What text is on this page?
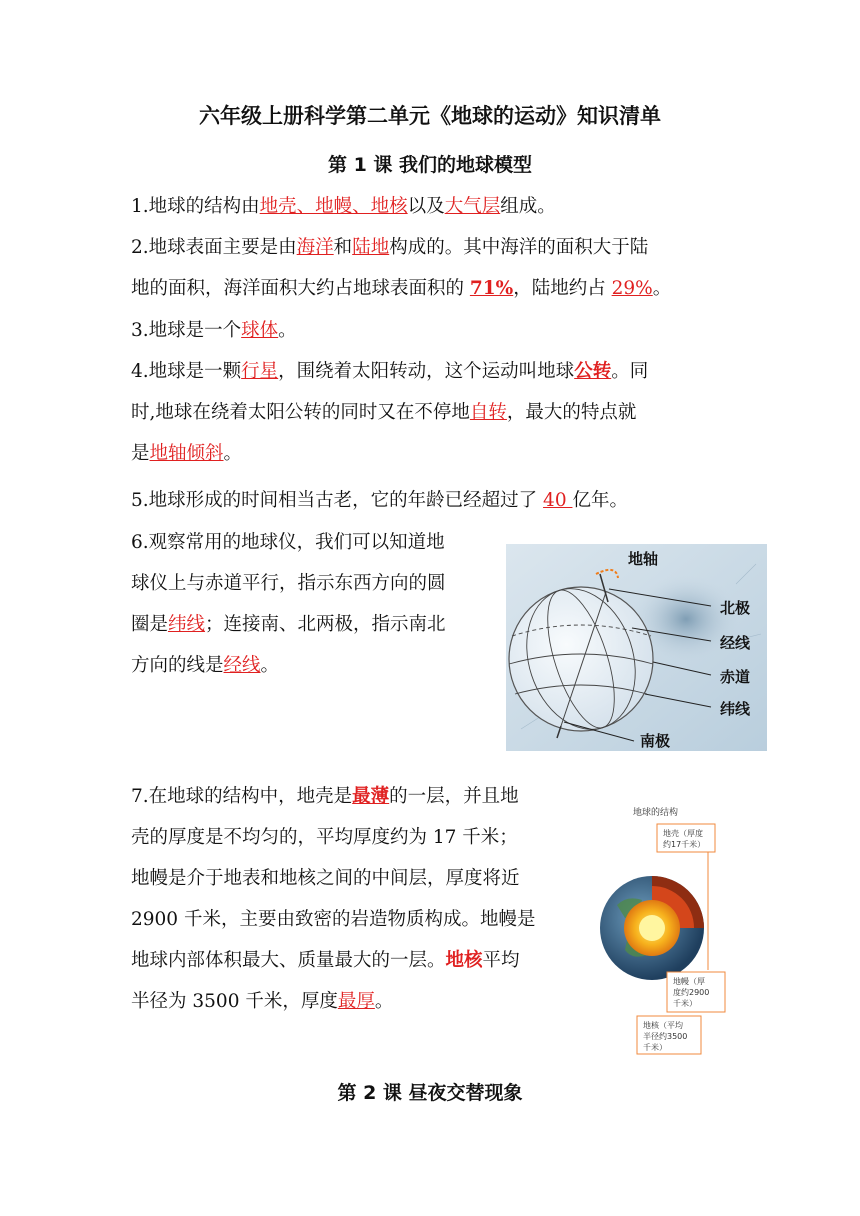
六年级上册科学第二单元《地球的运动》知识清单
第 1 课 我们的地球模型
1.地球的结构由地壳、地幔、地核以及大气层组成。
2.地球表面主要是由海洋和陆地构成的。其中海洋的面积大于陆
地的面积，海洋面积大约占地球表面积的 71%，陆地约占 29%。
3.地球是一个球体。
4.地球是一颗行星，围绕着太阳转动，这个运动叫地球公转。同
时,地球在绕着太阳公转的同时又在不停地自转，最大的特点就
是地轴倾斜。
5.地球形成的时间相当古老，它的年龄已经超过了 40 亿年。
6.观察常用的地球仪，我们可以知道地
球仪上与赤道平行，指示东西方向的圆
圈是纬线；连接南、北两极，指示南北
方向的线是经线。
地轴
北极
经线
赤道
纬线
南极
7.在地球的结构中，地壳是最薄的一层，并且地
壳的厚度是不均匀的，平均厚度约为 17 千米；
地幔是介于地表和地核之间的中间层，厚度将近
2900 千米，主要由致密的岩造物质构成。地幔是
地球内部体积最大、质量最大的一层。地核平均
半径为 3500 千米，厚度最厚。
地球的结构
地壳（厚度
约17千米）
地幔（厚
度约2900
千米）
地核（平均
半径约3500
千米）
第 2 课 昼夜交替现象
